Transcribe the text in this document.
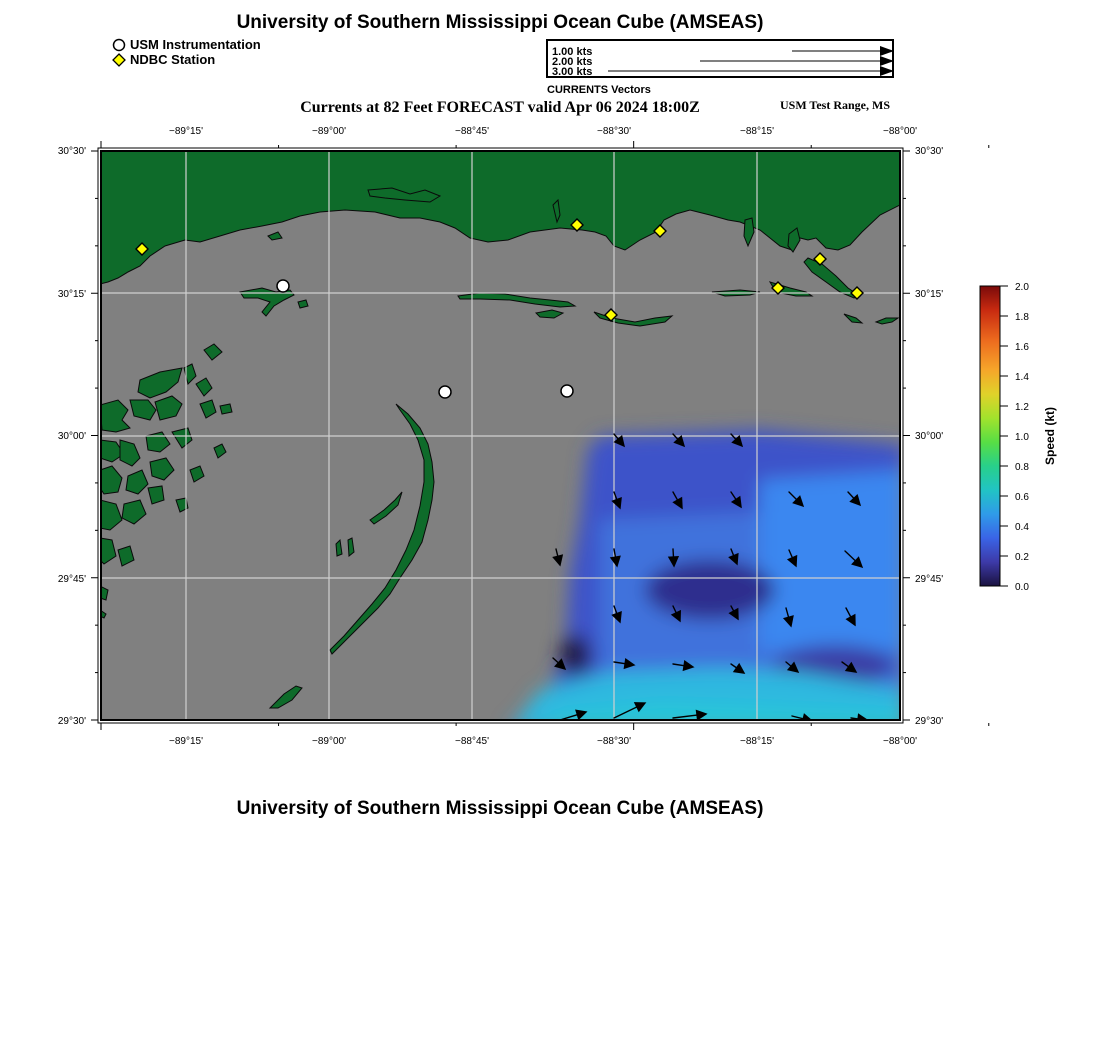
University of Southern Mississippi Ocean Cube (AMSEAS)
Currents at 82 Feet FORECAST valid Apr 06 2024 18:00Z	USM Test Range, MS
USM Instrumentation
NDBC Station	1.00 kts
2.00 kts
3.00 kts
CURRENTS Vectors
−89°15'	−89°00'	−88°45'	−88°30'	−88°15'	−88°00'
−89°15'	−89°00'	−88°45'	−88°30'	−88°15'	−88°00'
30°30'
30°15'
30°00'
29°45'
29°30'
30°30'
30°15'
30°00'
29°45'
29°30'
2.0
1.8
1.6
1.4
1.2
1.0
0.8
0.6
0.4
0.2
0.0
Speed (kt)
University of Southern Mississippi Ocean Cube (AMSEAS)
